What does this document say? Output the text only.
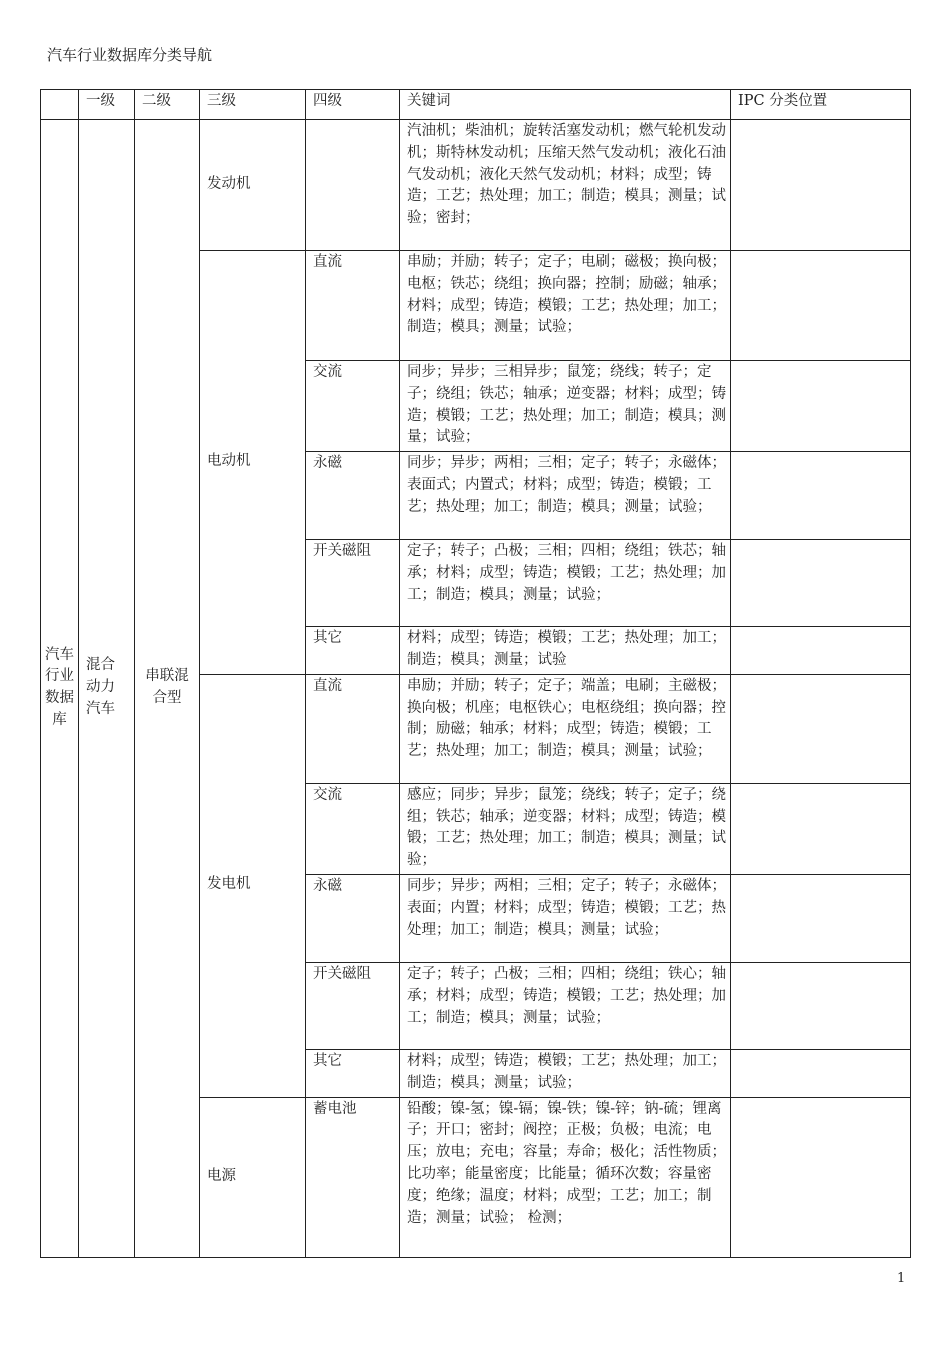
汽车行业数据库分类导航
	一级	二级	三级	四级	关键词	IPC 分类位置
汽车行业数据库	混合动力汽车	串联混合型	发动机		汽油机；柴油机；旋转活塞发动机；燃气轮机发动机；斯特林发动机；压缩天然气发动机；液化石油气发动机；液化天然气发动机；材料；成型；铸造；工艺；热处理；加工；制造；模具；测量；试验；密封；	
			电动机	直流	串励；并励；转子；定子；电刷；磁极；换向极；电枢；铁芯；绕组；换向器；控制；励磁；轴承；材料；成型；铸造；模锻；工艺；热处理；加工；制造；模具；测量；试验；	
				交流	同步；异步；三相异步；鼠笼；绕线；转子；定子；绕组；铁芯；轴承；逆变器；材料；成型；铸造；模锻；工艺；热处理；加工；制造；模具；测量；试验；	
				永磁	同步；异步；两相；三相；定子；转子；永磁体；表面式；内置式；材料；成型；铸造；模锻；工艺；热处理；加工；制造；模具；测量；试验；	
				开关磁阻	定子；转子；凸极；三相；四相；绕组；铁芯；轴承；材料；成型；铸造；模锻；工艺；热处理；加工；制造；模具；测量；试验；	
				其它	材料；成型；铸造；模锻；工艺；热处理；加工；制造；模具；测量；试验	
			发电机	直流	串励；并励；转子；定子；端盖；电刷；主磁极；换向极；机座；电枢铁心；电枢绕组；换向器；控制；励磁；轴承；材料；成型；铸造；模锻；工艺；热处理；加工；制造；模具；测量；试验；	
				交流	感应；同步；异步；鼠笼；绕线；转子；定子；绕组；铁芯；轴承；逆变器；材料；成型；铸造；模锻；工艺；热处理；加工；制造；模具；测量；试验；	
				永磁	同步；异步；两相；三相；定子；转子；永磁体；表面；内置；材料；成型；铸造；模锻；工艺；热处理；加工；制造；模具；测量；试验；	
				开关磁阻	定子；转子；凸极；三相；四相；绕组；铁心；轴承；材料；成型；铸造；模锻；工艺；热处理；加工；制造；模具；测量；试验；	
				其它	材料；成型；铸造；模锻；工艺；热处理；加工；制造；模具；测量；试验；	
			电源	蓄电池	铅酸；镍-氢；镍-镉；镍-铁；镍-锌；钠-硫；锂离子；开口；密封；阀控；正极；负极；电流；电压；放电；充电；容量；寿命；极化；活性物质；比功率；能量密度；比能量；循环次数；容量密度；绝缘；温度；材料；成型；工艺；加工；制造；测量；试验； 检测；	
1
